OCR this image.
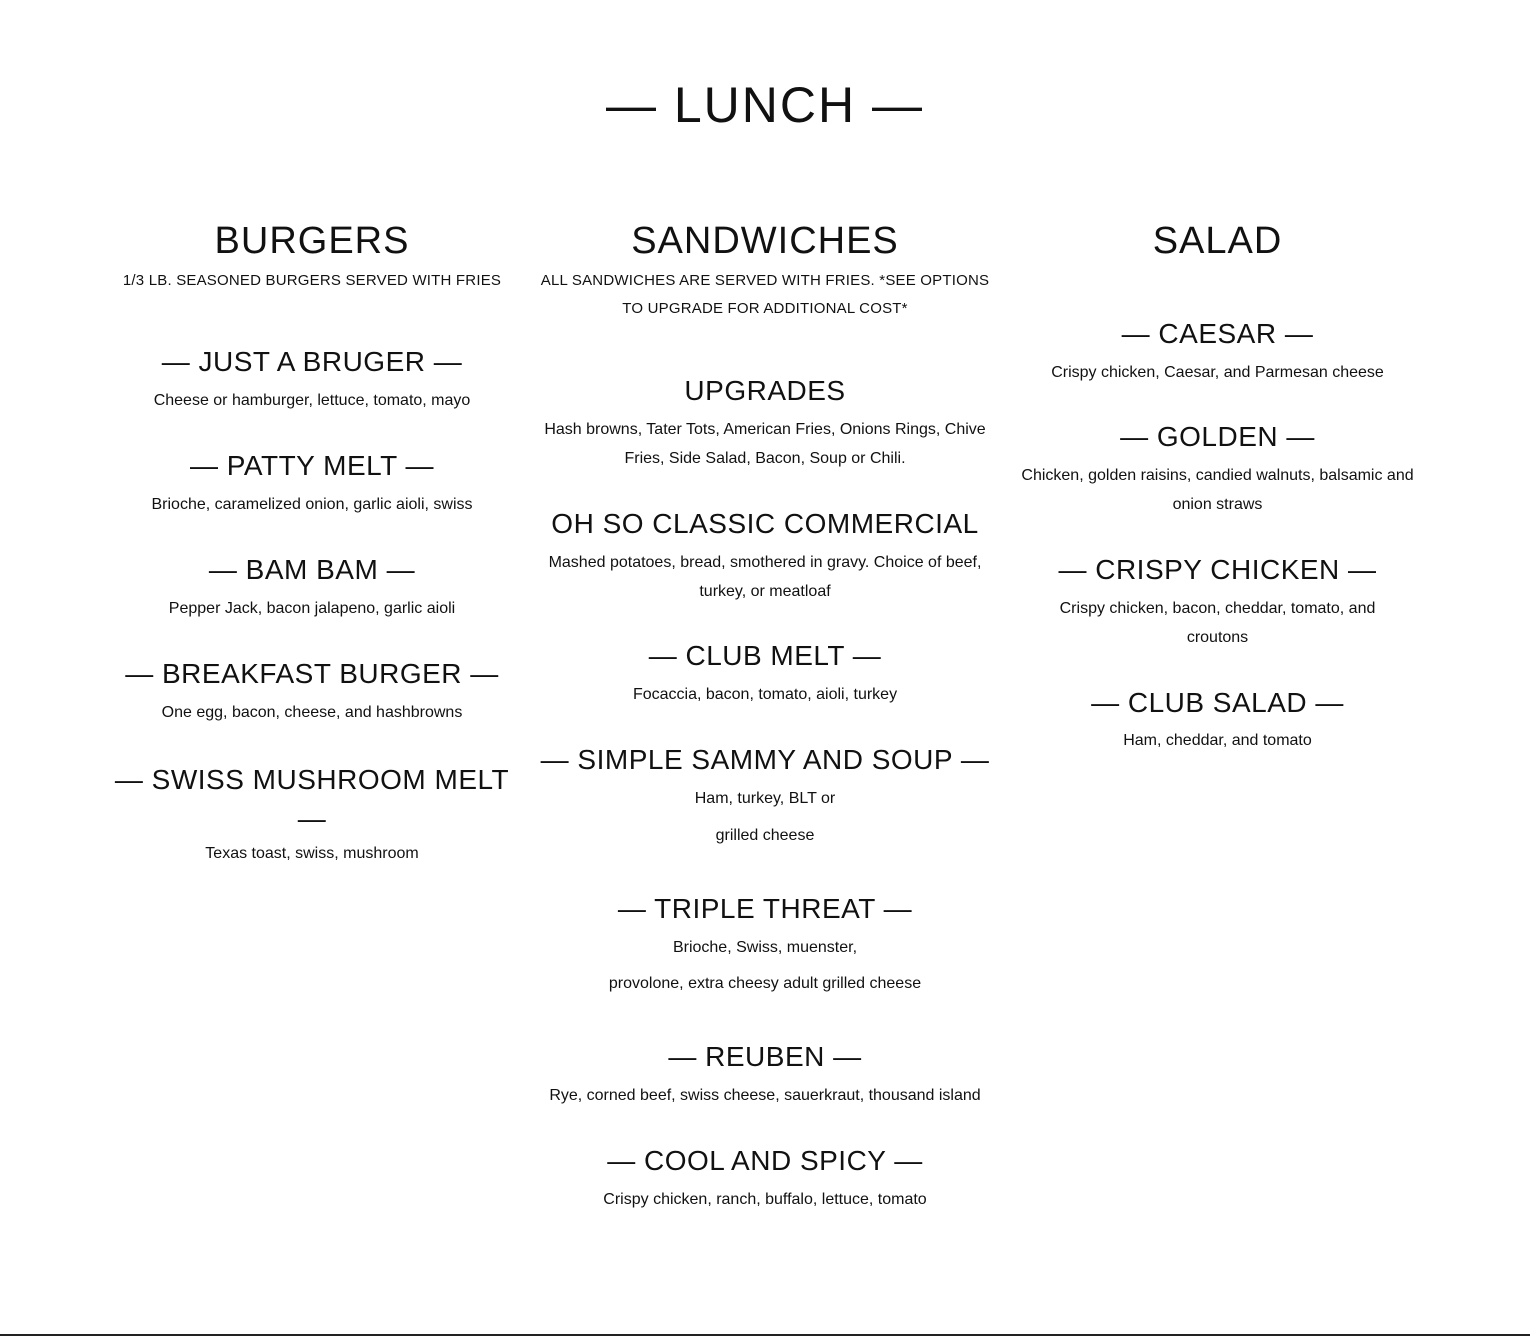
— LUNCH —
BURGERS

1/3 LB. SEASONED BURGERS SERVED WITH FRIES

— JUST A BRUGER —

Cheese or hamburger, lettuce, tomato, mayo

— PATTY MELT —

Brioche, caramelized onion, garlic aioli, swiss

— BAM BAM —

Pepper Jack, bacon jalapeno, garlic aioli

— BREAKFAST BURGER —

One egg, bacon, cheese, and hashbrowns

— SWISS MUSHROOM MELT —

Texas toast, swiss, mushroom

SANDWICHES

ALL SANDWICHES ARE SERVED WITH FRIES. *SEE OPTIONS TO UPGRADE FOR ADDITIONAL COST*

UPGRADES

Hash browns, Tater Tots, American Fries, Onions Rings, Chive Fries, Side Salad, Bacon, Soup or Chili.

OH SO CLASSIC COMMERCIAL

Mashed potatoes, bread, smothered in gravy. Choice of beef, turkey, or meatloaf

— CLUB MELT —

Focaccia, bacon, tomato, aioli, turkey

— SIMPLE SAMMY AND SOUP —

Ham, turkey, BLT or

grilled cheese

— TRIPLE THREAT —

Brioche, Swiss, muenster,

provolone, extra cheesy adult grilled cheese

— REUBEN —

Rye, corned beef, swiss cheese, sauerkraut, thousand island

— COOL AND SPICY —

Crispy chicken, ranch, buffalo, lettuce, tomato

SALAD
— CAESAR —

Crispy chicken, Caesar, and Parmesan cheese

— GOLDEN —

Chicken, golden raisins, candied walnuts, balsamic and onion straws

— CRISPY CHICKEN —

Crispy chicken, bacon, cheddar, tomato, and croutons

— CLUB SALAD —

Ham, cheddar, and tomato
